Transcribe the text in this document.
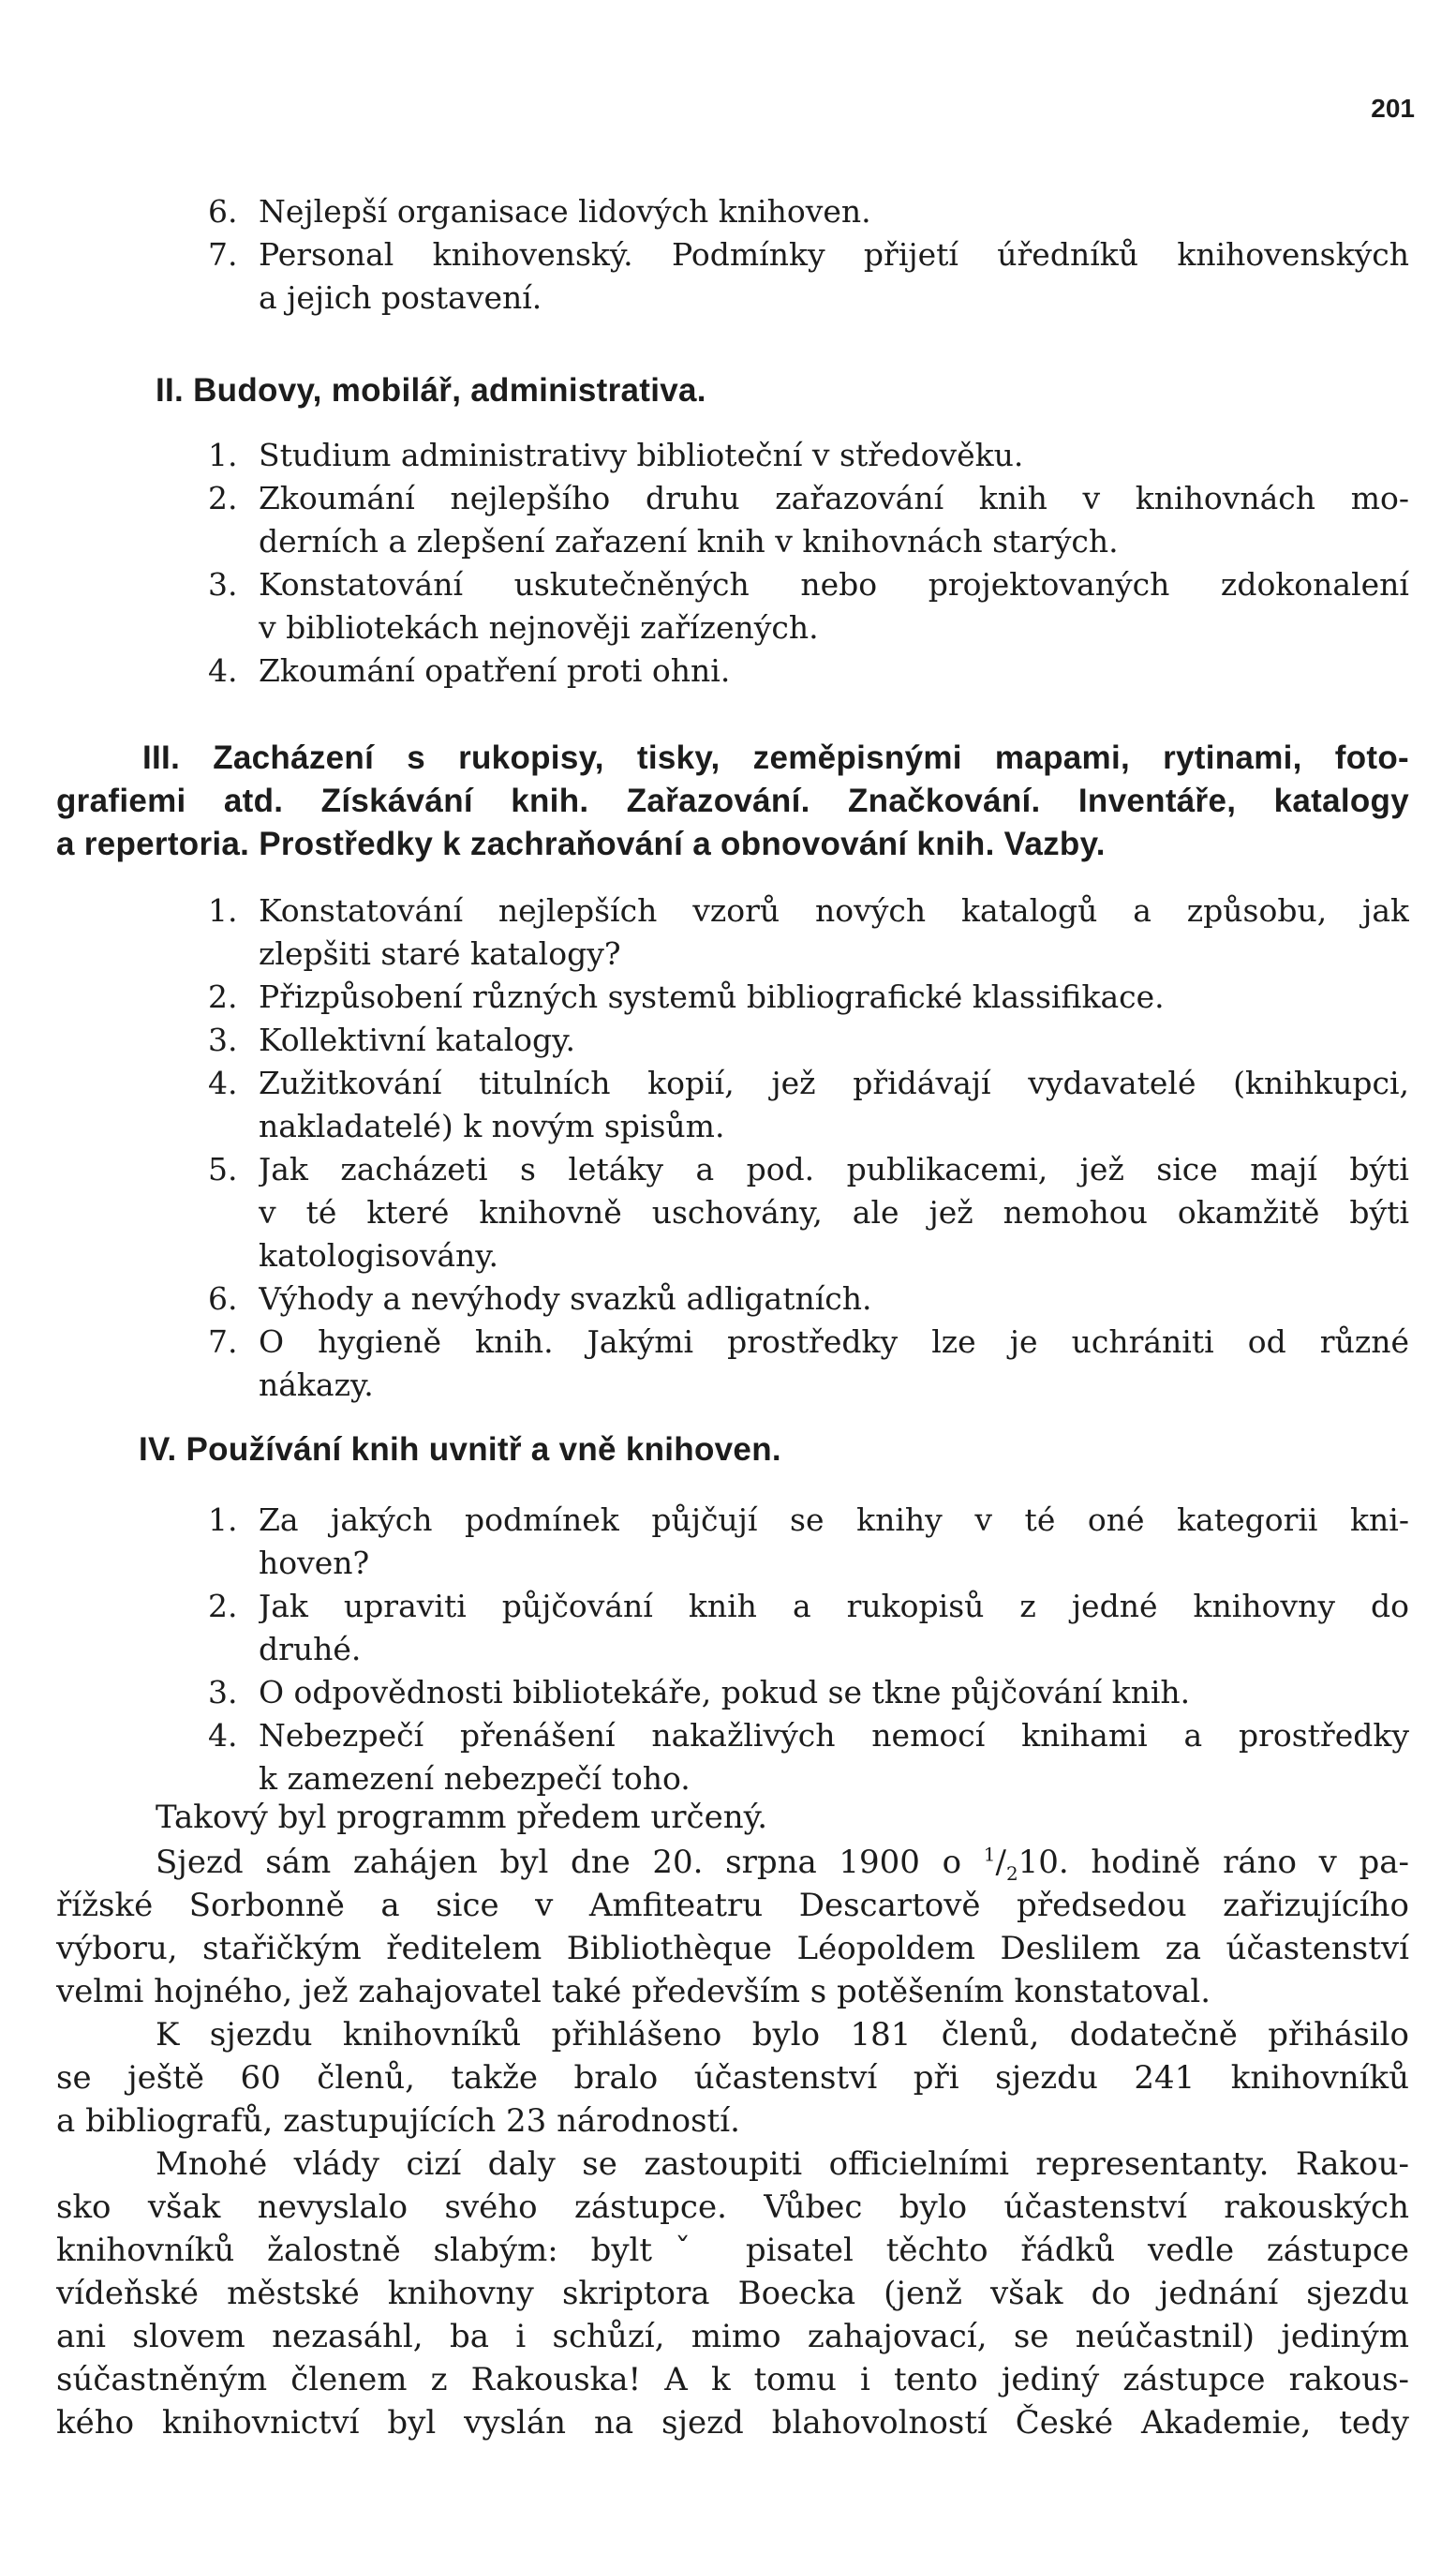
201
6. Nejlepší organisace lidových knihoven.
7. Personal knihovenský. Podmínky přijetí úředníků knihovenských
a jejich postavení.
II. Budovy, mobilář, administrativa.
1. Studium administrativy biblioteční v středověku.
2. Zkoumání nejlepšího druhu zařazování knih v knihovnách mo-
derních a zlepšení zařazení knih v knihovnách starých.
3. Konstatování uskutečněných nebo projektovaných zdokonalení
v bibliotekách nejnověji zařízených.
4. Zkoumání opatření proti ohni.
III. Zacházení s rukopisy, tisky, zeměpisnými mapami, rytinami, foto-
grafiemi atd. Získávání knih. Zařazování. Značkování. Inventáře, katalogy
a repertoria. Prostředky k zachraňování a obnovování knih. Vazby.
1. Konstatování nejlepších vzorů nových katalogů a způsobu, jak
zlepšiti staré katalogy?
2. Přizpůsobení různých systemů bibliografické klassifikace.
3. Kollektivní katalogy.
4. Zužitkování titulních kopií, jež přidávají vydavatelé (knihkupci,
nakladatelé) k novým spisům.
5. Jak zacházeti s letáky a pod. publikacemi, jež sice mají býti
v té které knihovně uschovány, ale jež nemohou okamžitě býti
katologisovány.
6. Výhody a nevýhody svazků adligatních.
7. O hygieně knih. Jakými prostředky lze je uchrániti od různé
nákazy.
IV. Používání knih uvnitř a vně knihoven.
1. Za jakých podmínek půjčují se knihy v té oné kategorii kni-
hoven?
2. Jak upraviti půjčování knih a rukopisů z jedné knihovny do
druhé.
3. O odpovědnosti bibliotekáře, pokud se tkne půjčování knih.
4. Nebezpečí přenášení nakažlivých nemocí knihami a prostředky
k zamezení nebezpečí toho.
Takový byl programm předem určený.
Sjezd sám zahájen byl dne 20. srpna 1900 o $^1/_210$. hodině ráno v pa-
řížské Sorbonně a sice v Amfiteatru Descartově předsedou zařizujícího
výboru, stařičkým ředitelem Bibliothèque Léopoldem Deslilem za účastenství
velmi hojného, jež zahajovatel také především s potěšením konstatoval.
K sjezdu knihovníků přihlášeno bylo 181 členů, dodatečně přihásilo
se ještě 60 členů, takže bralo účastenství při sjezdu 241 knihovníků
a bibliografů, zastupujících 23 národností.
Mnohé vlády cizí daly se zastoupiti officielními representanty. Rakou-
sko však nevyslalo svého zástupce. Vůbec bylo účastenství rakouských
knihovníků žalostně slabým: byltˇ pisatel těchto řádků vedle zástupce
vídeňské městské knihovny skriptora Boecka (jenž však do jednání sjezdu
ani slovem nezasáhl, ba i schůzí, mimo zahajovací, se neúčastnil) jediným
súčastněným členem z Rakouska! A k tomu i tento jediný zástupce rakous-
kého knihovnictví byl vyslán na sjezd blahovolností České Akademie, tedy
